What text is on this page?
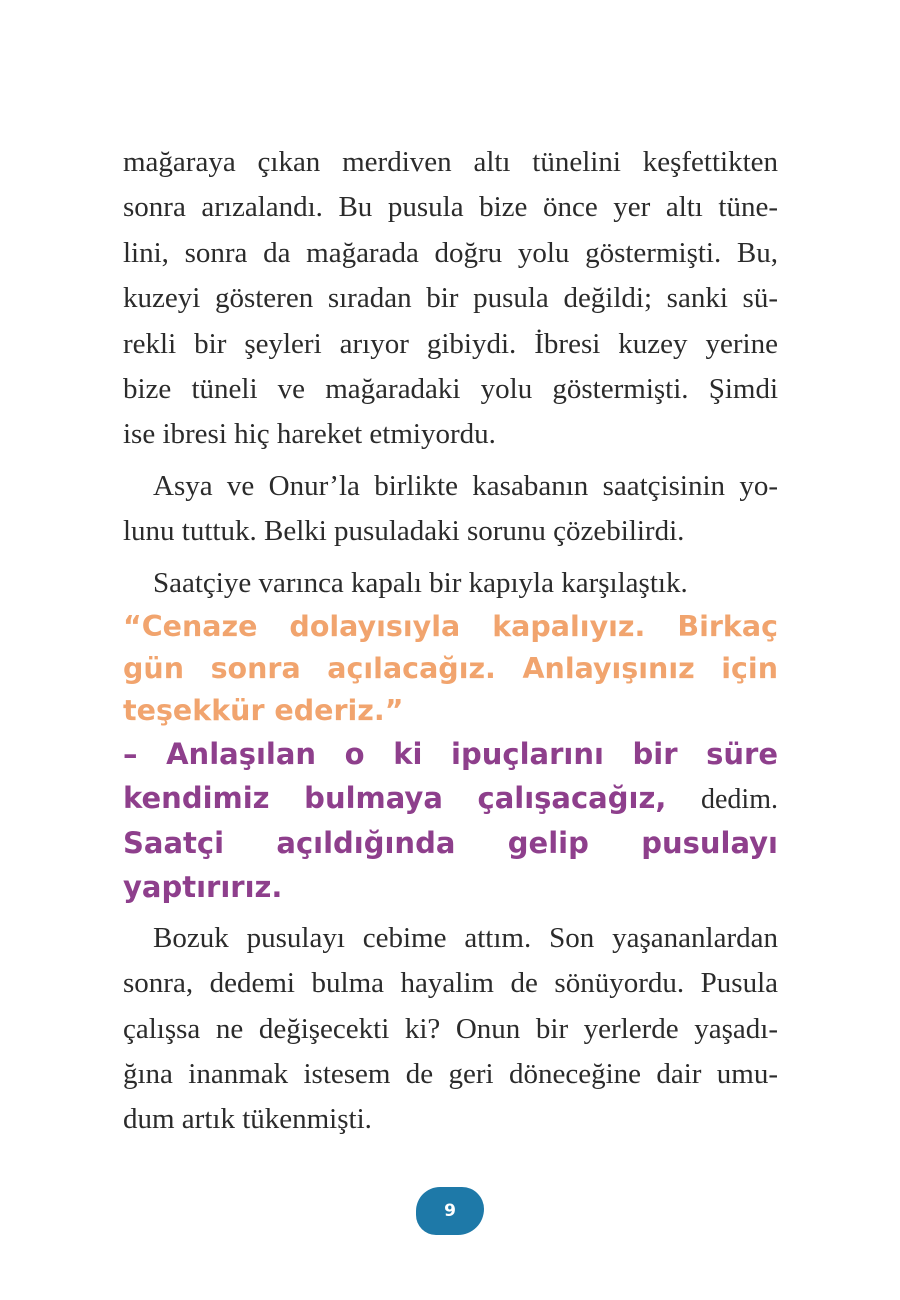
mağaraya çıkan merdiven altı tünelini keşfettikten
sonra arızalandı. Bu pusula bize önce yer altı tüne-
lini, sonra da mağarada doğru yolu göstermişti. Bu,
kuzeyi gösteren sıradan bir pusula değildi; sanki sü-
rekli bir şeyleri arıyor gibiydi. İbresi kuzey yerine
bize tüneli ve mağaradaki yolu göstermişti. Şimdi
ise ibresi hiç hareket etmiyordu.
Asya ve Onur’la birlikte kasabanın saatçisinin yo-
lunu tuttuk. Belki pusuladaki sorunu çözebilirdi.
Saatçiye varınca kapalı bir kapıyla karşılaştık.
“Cenaze dolayısıyla kapalıyız. Birkaç
gün sonra açılacağız. Anlayışınız için
teşekkür ederiz.”
– Anlaşılan o ki ipuçlarını bir süre
kendimiz bulmaya çalışacağız, dedim.
Saatçi açıldığında gelip pusulayı
yaptırırız.
Bozuk pusulayı cebime attım. Son yaşananlardan
sonra, dedemi bulma hayalim de sönüyordu. Pusula
çalışsa ne değişecekti ki? Onun bir yerlerde yaşadı-
ğına inanmak istesem de geri döneceğine dair umu-
dum artık tükenmişti.
9
